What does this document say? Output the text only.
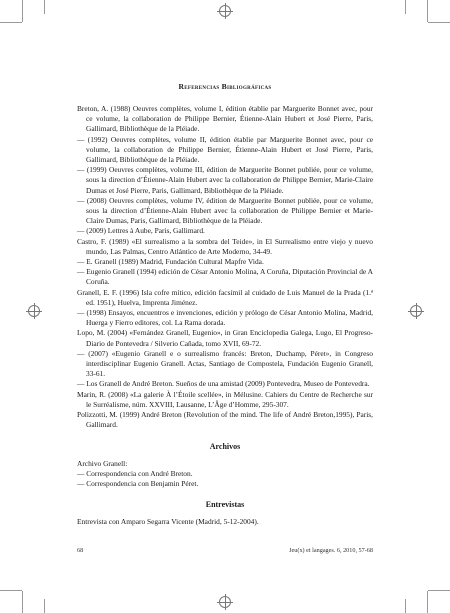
Referencias Bibliográficas

Breton, A. (1988) Oeuvres complètes, volume I, édition établie par Marguerite Bonnet avec, pour ce volume, la collaboration de Philippe Bernier, Étienne-Alain Hubert et José Pierre, Paris, Gallimard, Bibliothèque de la Pléiade.

— (1992) Oeuvres complètes, volume II, édition établie par Marguerite Bonnet avec, pour ce volume, la collaboration de Philippe Bernier, Étienne-Alain Hubert et José Pierre, Paris, Gallimard, Bibliothèque de la Pléiade.

— (1999) Oeuvres complètes, volume III, édition de Marguerite Bonnet publiée, pour ce volume, sous la direction d’Étienne-Alain Hubert avec la collaboration de Philippe Bernier, Marie-Claire Dumas et José Pierre, Paris, Gallimard, Bibliothèque de la Pléiade.

— (2008) Oeuvres complètes, volume IV, édition de Marguerite Bonnet publiée, pour ce volume, sous la direction d’Étienne-Alain Hubert avec la collaboration de Philippe Bernier et Marie-Claire Dumas, Paris, Gallimard, Bibliothèque de la Pléiade.

— (2009) Lettres à Aube, Paris, Gallimard.

Castro, F. (1989) «El surrealismo a la sombra del Teide», in El Surrealismo entre viejo y nuevo mundo, Las Palmas, Centro Atlántico de Arte Moderno, 34-49.

— E. Granell (1989) Madrid, Fundación Cultural Mapfre Vida.

— Eugenio Granell (1994) edición de César Antonio Molina, A Coruña, Diputación Provincial de A Coruña.

Granell, E. F. (1996) Isla cofre mítico, edición facsímil al cuidado de Luis Manuel de la Prada (1.ª ed. 1951), Huelva, Imprenta Jiménez.

— (1998) Ensayos, encuentros e invenciones, edición y prólogo de César Antonio Molina, Madrid, Huerga y Fierro editores, col. La Rama dorada.

Lopo, M. (2004) «Fernández Granell, Eugenio», in Gran Enciclopedia Galega, Lugo, El Progreso-Diario de Pontevedra / Silverio Cañada, tomo XVII, 69-72.

— (2007) «Eugenio Granell e o surrealismo francés: Breton, Duchamp, Péret», in Congreso interdisciplinar Eugenio Granell. Actas, Santiago de Compostela, Fundación Eugenio Granell, 33-61.

— Los Granell de André Breton. Sueños de una amistad (2009) Pontevedra, Museo de Pontevedra.

Marin, R. (2008) «La galerie À l’Étoile scellée», in Mélusine. Cahiers du Centre de Recherche sur le Surréalisme, núm. XXVIII, Lausanne, L’Âge d’Homme, 295-307.

Polizzotti, M. (1999) André Breton (Revolution of the mind. The life of André Breton,1995), Paris, Gallimard.

Archivos

Archivo Granell:

— Correspondencia con André Breton.

— Correspondencia con Benjamin Péret.

Entrevistas

Entrevista con Amparo Segarra Vicente (Madrid, 5-12-2004).

68	Jeu(x) et langages. 6, 2010, 57-68
